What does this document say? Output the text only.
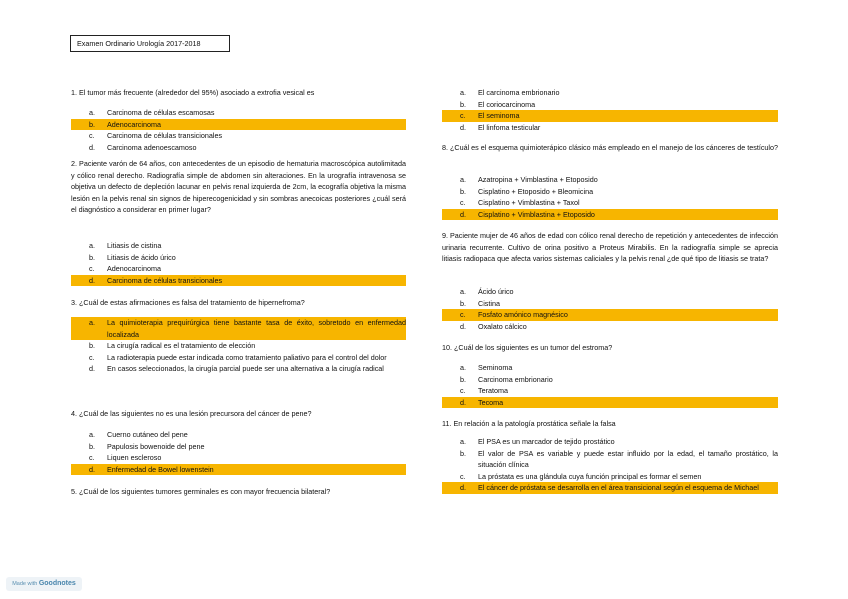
Examen Ordinario Urología 2017-2018
1. El tumor más frecuente (alrededor del 95%) asociado a extrofia vesical es
a. Carcinoma de células escamosas
b. Adenocarcinoma
c. Carcinoma de células transicionales
d. Carcinoma adenoescamoso
2. Paciente varón de 64 años, con antecedentes de un episodio de hematuria macroscópica autolimitada y cólico renal derecho. Radiografía simple de abdomen sin alteraciones. En la urografía intravenosa se objetiva un defecto de depleción lacunar en pelvis renal izquierda de 2cm, la ecografía objetiva la misma lesión en la pelvis renal sin signos de hiperecogenicidad y sin sombras anecoicas posteriores ¿cuál será el diagnóstico a considerar en primer lugar?
a. Litiasis de cistina
b. Litiasis de ácido úrico
c. Adenocarcinoma
d. Carcinoma de células transicionales
3. ¿Cuál de estas afirmaciones es falsa del tratamiento de hipernefroma?
a. La quimioterapia prequirúrgica tiene bastante tasa de éxito, sobretodo en enfermedad localizada
b. La cirugía radical es el tratamiento de elección
c. La radioterapia puede estar indicada como tratamiento paliativo para el control del dolor
d. En casos seleccionados, la cirugía parcial puede ser una alternativa a la cirugía radical
4. ¿Cuál de las siguientes no es una lesión precursora del cáncer de pene?
a. Cuerno cutáneo del pene
b. Papulosis bowenoide del pene
c. Liquen escleroso
d. Enfermedad de Bowel lowenstein
5. ¿Cuál de los siguientes tumores germinales es con mayor frecuencia bilateral?
a. El carcinoma embrionario
b. El coriocarcinoma
c. El seminoma
d. El linfoma testicular
8. ¿Cuál es el esquema quimioterápico clásico más empleado en el manejo de los cánceres de testículo?
a. Azatropina + Vimblastina + Etoposido
b. Cisplatino + Etoposido + Bleomicina
c. Cisplatino + Vimblastina + Taxol
d. Cisplatino + Vimblastina + Etoposido
9. Paciente mujer de 46 años de edad con cólico renal derecho de repetición y antecedentes de infección urinaria recurrente. Cultivo de orina positivo a Proteus Mirabilis. En la radiografía simple se aprecia litiasis radiopaca que afecta varios sistemas caliciales y la pelvis renal ¿de qué tipo de litiasis se trata?
a. Ácido úrico
b. Cistina
c. Fosfato amónico magnésico
d. Oxalato cálcico
10. ¿Cuál de los siguientes es un tumor del estroma?
a. Seminoma
b. Carcinoma embrionario
c. Teratoma
d. Tecoma
11. En relación a la patología prostática señale la falsa
a. El PSA es un marcador de tejido prostático
b. El valor de PSA es variable y puede estar influido por la edad, el tamaño prostático, la situación clínica
c. La próstata es una glándula cuya función principal es formar el semen
d. El cáncer de próstata se desarrolla en el área transicional según el esquema de Michael
Made with Goodnotes
